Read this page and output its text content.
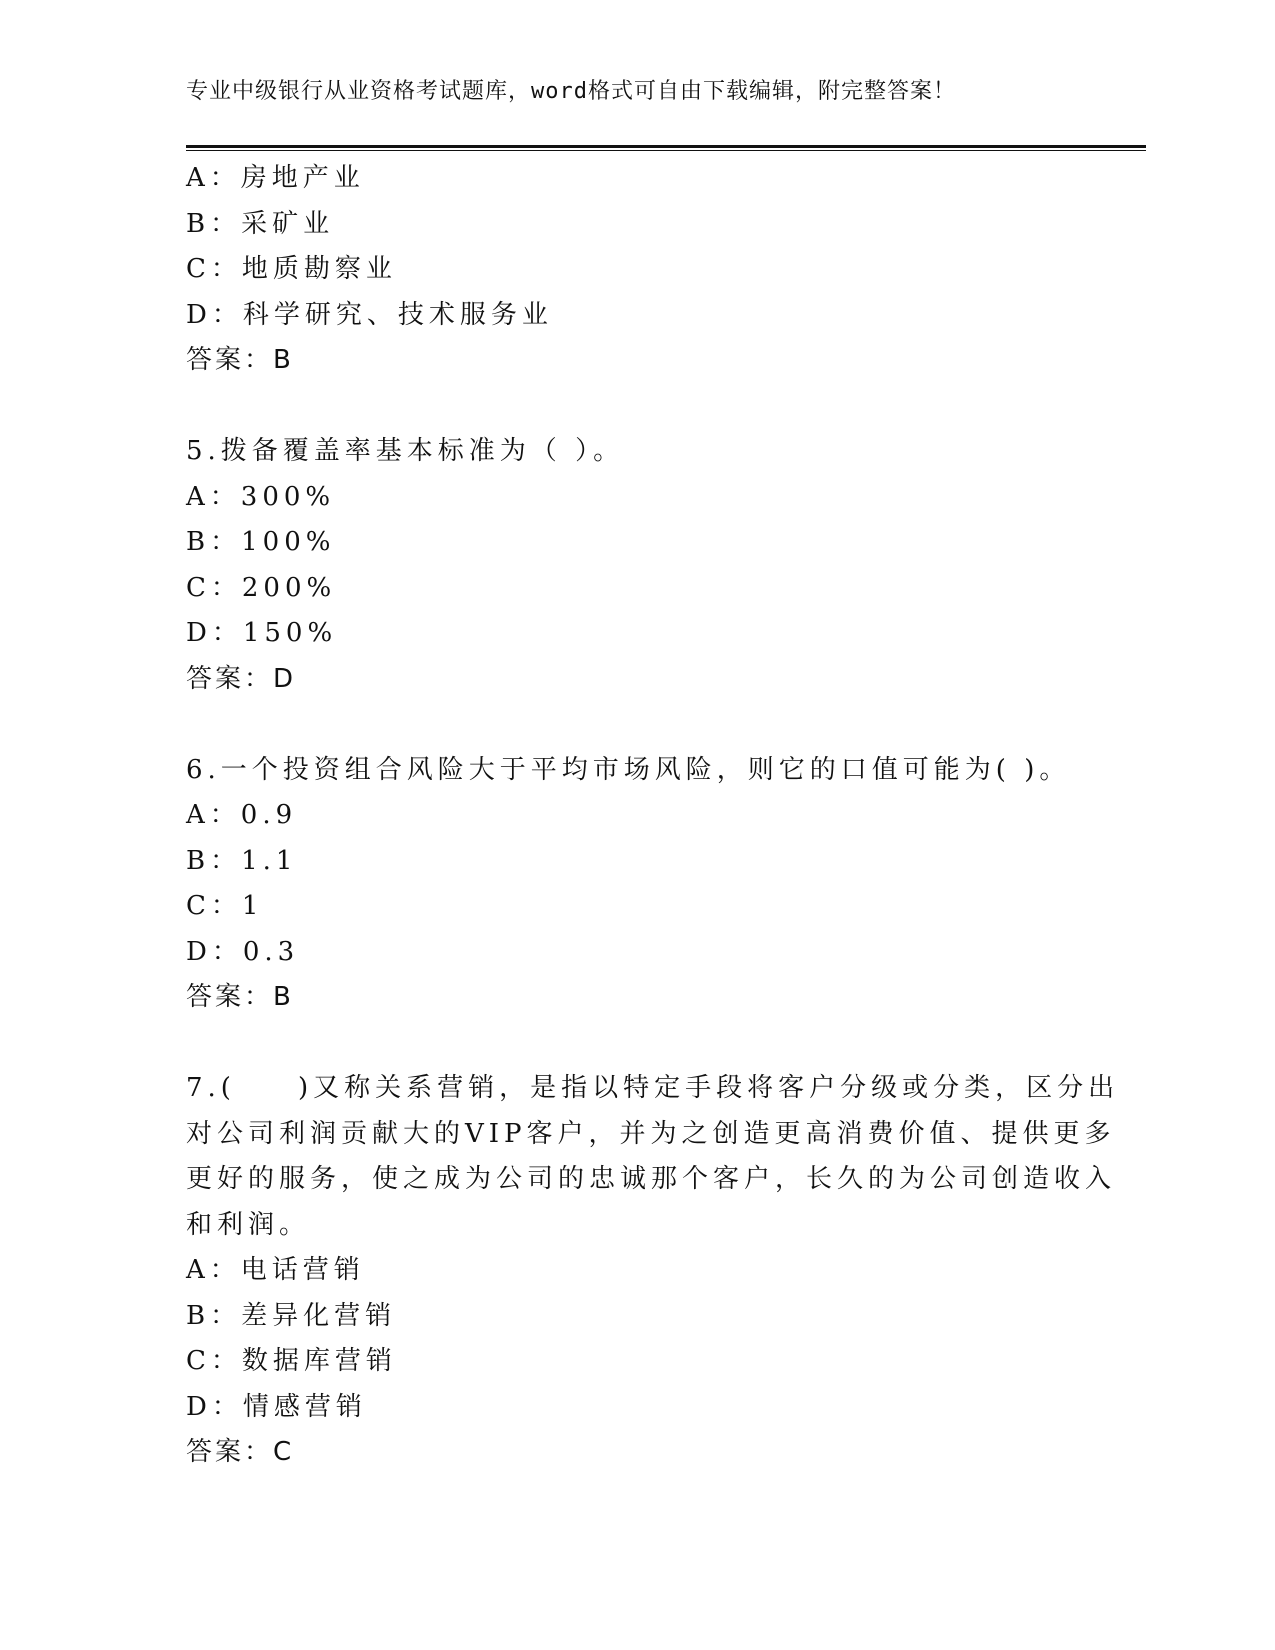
专业中级银行从业资格考试题库，word格式可自由下载编辑，附完整答案！
A：房地产业
B：采矿业
C：地质勘察业
D：科学研究、技术服务业
答案：B
5.拨备覆盖率基本标准为（ ）。
A：300%
B：100%
C：200%
D：150%
答案：D
6.一个投资组合风险大于平均市场风险，则它的口值可能为( )。
A：0.9
B：1.1
C：1
D：0.3
答案：B
7.(　　)又称关系营销，是指以特定手段将客户分级或分类，区分出
对公司利润贡献大的VIP客户，并为之创造更高消费价值、提供更多
更好的服务，使之成为公司的忠诚那个客户，长久的为公司创造收入
和利润。
A：电话营销
B：差异化营销
C：数据库营销
D：情感营销
答案：C
